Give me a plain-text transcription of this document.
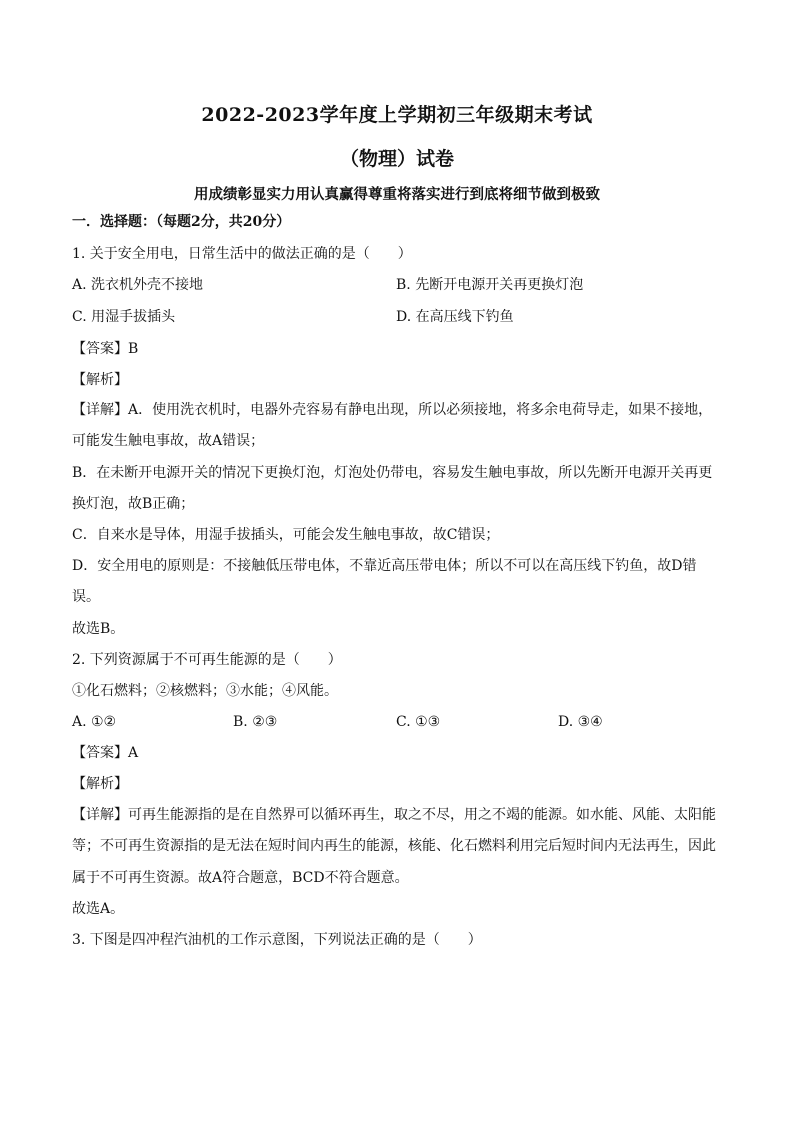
2022-2023学年度上学期初三年级期末考试
（物理）试卷
用成绩彰显实力用认真赢得尊重将落实进行到底将细节做到极致
一．选择题：（每题2分，共20分）
1. 关于安全用电，日常生活中的做法正确的是（　　）
A. 洗衣机外壳不接地	B. 先断开电源开关再更换灯泡
C. 用湿手拔插头	D. 在高压线下钓鱼
【答案】B
【解析】
【详解】A．使用洗衣机时，电器外壳容易有静电出现，所以必须接地，将多余电荷导走，如果不接地，
可能发生触电事故，故A错误；
B．在未断开电源开关的情况下更换灯泡，灯泡处仍带电，容易发生触电事故，所以先断开电源开关再更
换灯泡，故B正确；
C．自来水是导体，用湿手拔插头，可能会发生触电事故，故C错误；
D．安全用电的原则是：不接触低压带电体，不靠近高压带电体；所以不可以在高压线下钓鱼，故D错
误。
故选B。
2. 下列资源属于不可再生能源的是（　　）
①化石燃料；②核燃料；③水能；④风能。
A. ①②	B. ②③	C. ①③	D. ③④
【答案】A
【解析】
【详解】可再生能源指的是在自然界可以循环再生，取之不尽，用之不竭的能源。如水能、风能、太阳能
等；不可再生资源指的是无法在短时间内再生的能源，核能、化石燃料利用完后短时间内无法再生，因此
属于不可再生资源。故A符合题意，BCD不符合题意。
故选A。
3. 下图是四冲程汽油机的工作示意图，下列说法正确的是（　　）
